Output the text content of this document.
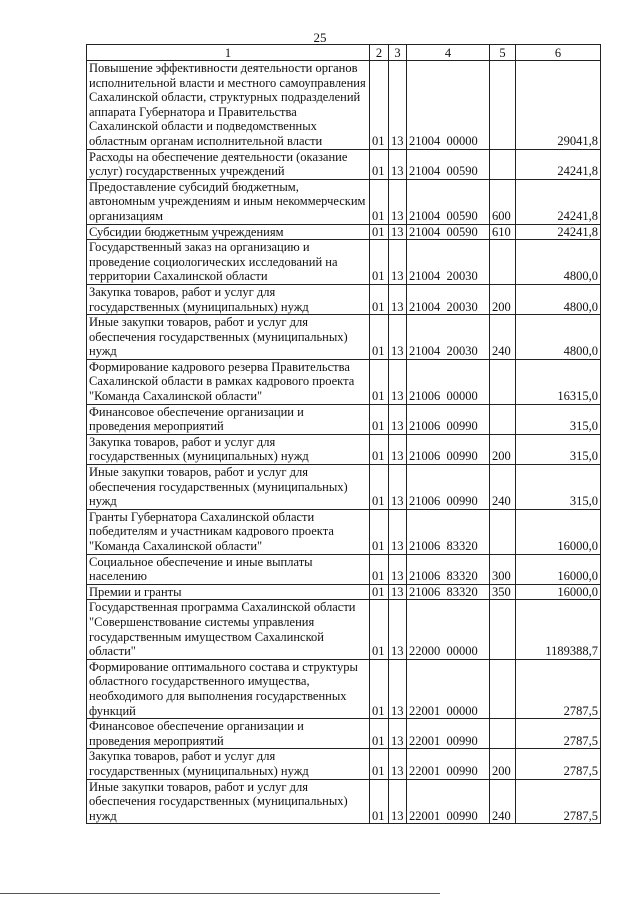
25
1	2	3	4	5	6
Повышение эффективности деятельности органов исполнительной власти и местного самоуправления Сахалинской области, структурных подразделений аппарата Губернатора и Правительства Сахалинской области и подведомственных областным органам исполнительной власти	01	13	21004  00000		29041,8
Расходы на обеспечение деятельности (оказание услуг) государственных учреждений	01	13	21004  00590		24241,8
Предоставление субсидий бюджетным, автономным учреждениям и иным некоммерческим организациям	01	13	21004  00590	600	24241,8
Субсидии бюджетным учреждениям	01	13	21004  00590	610	24241,8
Государственный заказ на организацию и проведение социологических исследований на территории Сахалинской области	01	13	21004  20030		4800,0
Закупка товаров, работ и услуг для государственных (муниципальных) нужд	01	13	21004  20030	200	4800,0
Иные закупки товаров, работ и услуг для обеспечения государственных (муниципальных) нужд	01	13	21004  20030	240	4800,0
Формирование кадрового резерва Правительства Сахалинской области в рамках кадрового проекта "Команда Сахалинской области"	01	13	21006  00000		16315,0
Финансовое обеспечение организации и проведения мероприятий	01	13	21006  00990		315,0
Закупка товаров, работ и услуг для государственных (муниципальных) нужд	01	13	21006  00990	200	315,0
Иные закупки товаров, работ и услуг для обеспечения государственных (муниципальных) нужд	01	13	21006  00990	240	315,0
Гранты Губернатора Сахалинской области победителям и участникам кадрового проекта "Команда Сахалинской области"	01	13	21006  83320		16000,0
Социальное обеспечение и иные выплаты населению	01	13	21006  83320	300	16000,0
Премии и гранты	01	13	21006  83320	350	16000,0
Государственная программа Сахалинской области "Совершенствование системы управления государственным имуществом Сахалинской области"	01	13	22000  00000		1189388,7
Формирование оптимального состава и структуры областного государственного имущества, необходимого для выполнения государственных функций	01	13	22001  00000		2787,5
Финансовое обеспечение организации и проведения мероприятий	01	13	22001  00990		2787,5
Закупка товаров, работ и услуг для государственных (муниципальных) нужд	01	13	22001  00990	200	2787,5
Иные закупки товаров, работ и услуг для обеспечения государственных (муниципальных) нужд	01	13	22001  00990	240	2787,5
